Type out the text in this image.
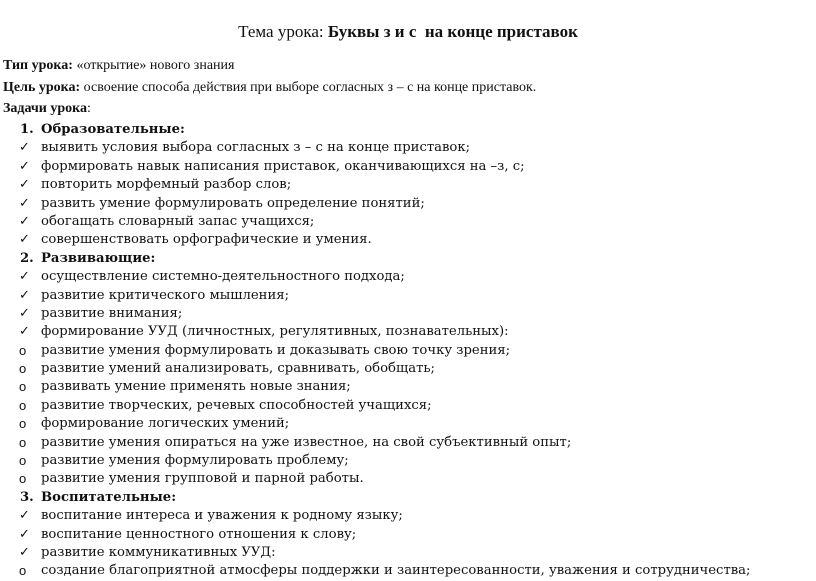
Тема урока: Буквы з и с  на конце приставок
Тип урока: «открытие» нового знания
Цель урока: освоение способа действия при выборе согласных з – с на конце приставок.
Задачи урока:
1. Образовательные:
✓ выявить условия выбора согласных з – с на конце приставок;
✓ формировать навык написания приставок, оканчивающихся на –з, с;
✓ повторить морфемный разбор слов;
✓ развить умение формулировать определение понятий;
✓ обогащать словарный запас учащихся;
✓ совершенствовать орфографические и умения.
2. Развивающие:
✓ осуществление системно-деятельностного подхода;
✓ развитие критического мышления;
✓ развитие внимания;
✓ формирование УУД (личностных, регулятивных, познавательных):
o	развитие умения формулировать и доказывать свою точку зрения;
o	развитие умений анализировать, сравнивать, обобщать;
o	развивать умение применять новые знания;
o	развитие творческих, речевых способностей учащихся;
o	формирование логических умений;
o	развитие умения опираться на уже известное, на свой субъективный опыт;
o	развитие умения формулировать проблему;
o	развитие умения групповой и парной работы.
3. Воспитательные:
✓ воспитание интереса и уважения к родному языку;
✓ воспитание ценностного отношения к слову;
✓ развитие коммуникативных УУД:
o	создание благоприятной атмосферы поддержки и заинтересованности, уважения и сотрудничества;
